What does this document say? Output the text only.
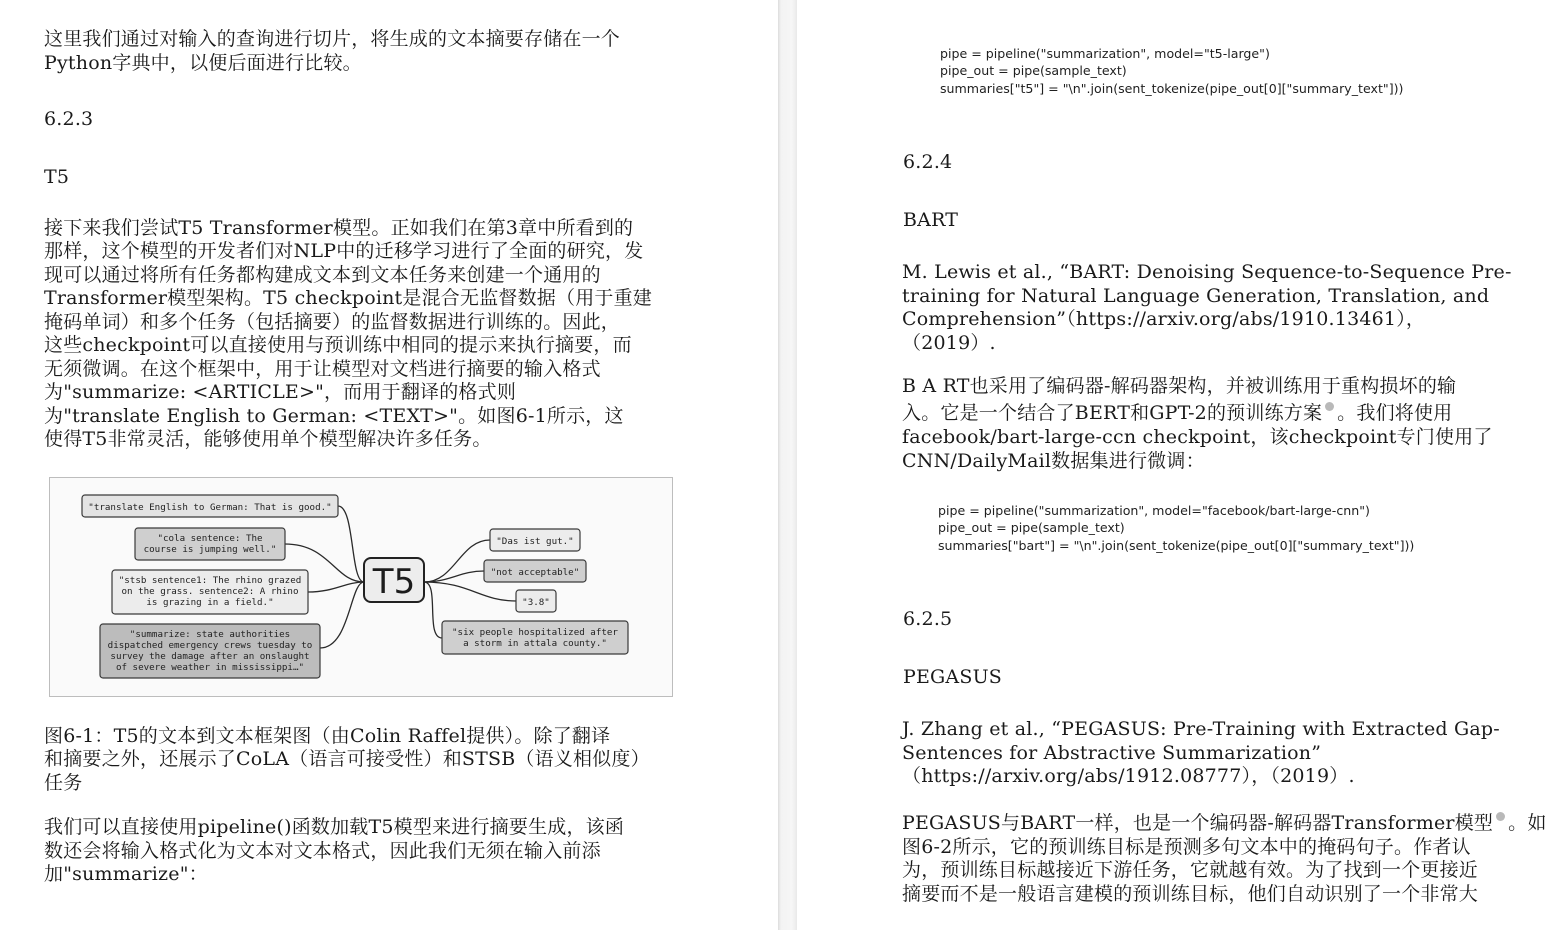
这里我们通过对输入的查询进行切片，将生成的文本摘要存储在一个

Python字典中，以便后面进行比较。

6.2.3

T5

接下来我们尝试T5 Transformer模型。正如我们在第3章中所看到的

那样，这个模型的开发者们对NLP中的迁移学习进行了全面的研究，发

现可以通过将所有任务都构建成文本到文本任务来创建一个通用的

Transformer模型架构。T5 checkpoint是混合无监督数据（用于重建

掩码单词）和多个任务（包括摘要）的监督数据进行训练的。因此，

这些checkpoint可以直接使用与预训练中相同的提示来执行摘要，而

无须微调。在这个框架中，用于让模型对文档进行摘要的输入格式

为"summarize: <ARTICLE>"，而用于翻译的格式则

为"translate English to German: <TEXT>"。如图6-1所示，这

使得T5非常灵活，能够使用单个模型解决许多任务。

"translate English to German: That is good."
"cola sentence: The
course is jumping well."
"stsb sentence1: The rhino grazed
on the grass. sentence2: A rhino
is grazing in a field."
"summarize: state authorities
dispatched emergency crews tuesday to
survey the damage after an onslaught
of severe weather in mississippi…"
T5
"Das ist gut."
"not acceptable"
"3.8"
"six people hospitalized after
a storm in attala county."

图6-1：T5的文本到文本框架图（由Colin Raffel提供）。除了翻译

和摘要之外，还展示了CoLA（语言可接受性）和STSB（语义相似度）

任务

我们可以直接使用pipeline()函数加载T5模型来进行摘要生成，该函

数还会将输入格式化为文本对文本格式，因此我们无须在输入前添

加"summarize"：

pipe = pipeline("summarization", model="t5-large")

pipe_out = pipe(sample_text)

summaries["t5"] = "\n".join(sent_tokenize(pipe_out[0]["summary_text"]))

6.2.4

BART

M. Lewis et al., “BART: Denoising Sequence-to-Sequence Pre-

training for Natural Language Generation, Translation, and

Comprehension”（https://arxiv.org/abs/1910.13461），

（2019）.

B A RT也采用了编码器-解码器架构，并被训练用于重构损坏的输

入。它是一个结合了BERT和GPT-2的预训练方案 。我们将使用

facebook/bart-large-ccn checkpoint，该checkpoint专门使用了

CNN/DailyMail数据集进行微调：

pipe = pipeline("summarization", model="facebook/bart-large-cnn")

pipe_out = pipe(sample_text)

summaries["bart"] = "\n".join(sent_tokenize(pipe_out[0]["summary_text"]))

6.2.5

PEGASUS

J. Zhang et al., “PEGASUS: Pre-Training with Extracted Gap-

Sentences for Abstractive Summarization”

（https://arxiv.org/abs/1912.08777），（2019）.

PEGASUS与BART一样，也是一个编码器-解码器Transformer模型 。如

图6-2所示，它的预训练目标是预测多句文本中的掩码句子。作者认

为，预训练目标越接近下游任务，它就越有效。为了找到一个更接近

摘要而不是一般语言建模的预训练目标，他们自动识别了一个非常大
